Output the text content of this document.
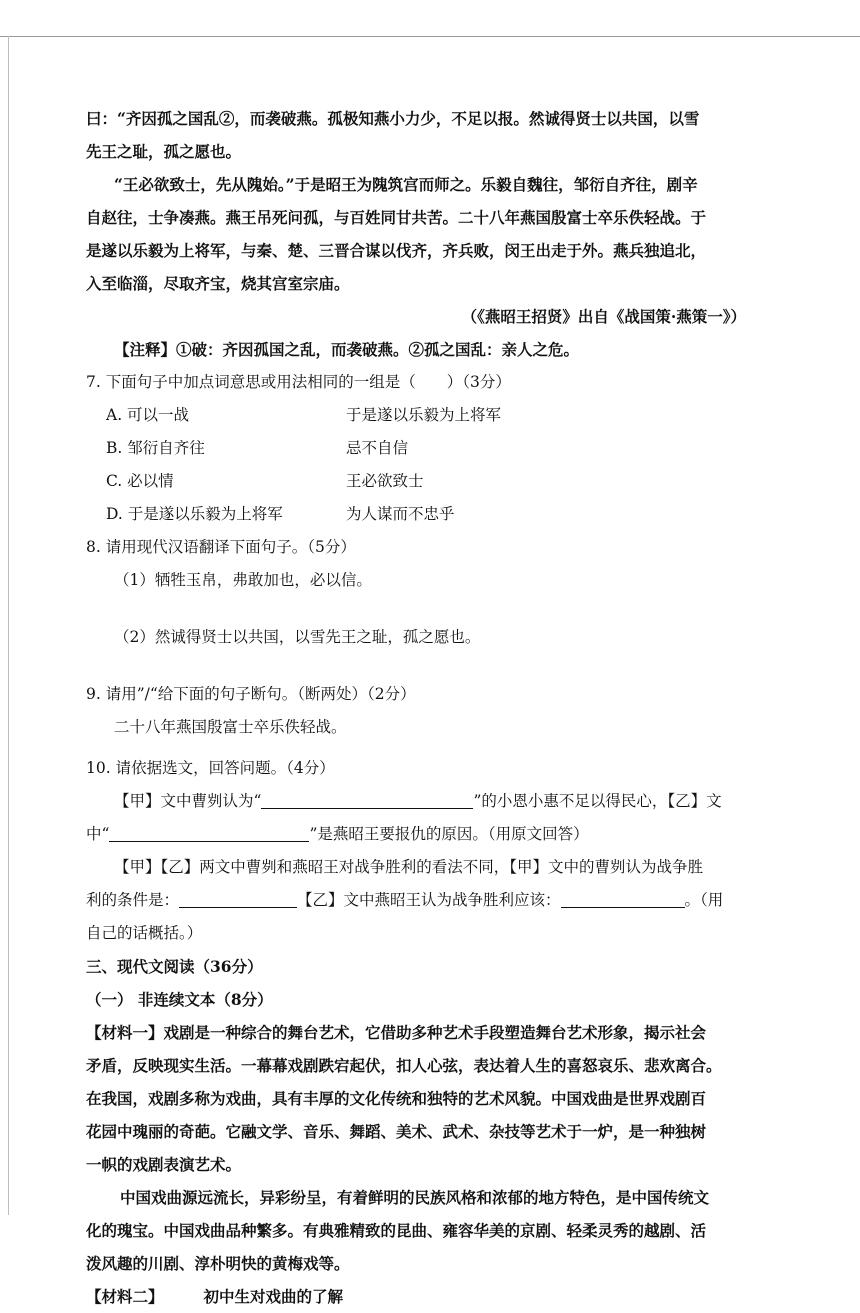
曰：“齐因孤之国乱②，而袭破燕。孤极知燕小力少，不足以报。然诚得贤士以共国，以雪

先王之耻，孤之愿也。

“王必欲致士，先从隗始。”于是昭王为隗筑宫而师之。乐毅自魏往，邹衍自齐往，剧辛

自赵往，士争凑燕。燕王吊死问孤，与百姓同甘共苦。二十八年燕国殷富士卒乐佚轻战。于

是遂以乐毅为上将军，与秦、楚、三晋合谋以伐齐，齐兵败，闵王出走于外。燕兵独追北，

入至临淄，尽取齐宝，烧其宫室宗庙。

（《燕昭王招贤》出自《战国策·燕策一》）

【注释】①破：齐因孤国之乱，而袭破燕。②孤之国乱：亲人之危。

7. 下面句子中加点词意思或用法相同的一组是（　　）（3分）

A. 可以一战	于是遂以乐毅为上将军
B. 邹衍自齐往	忌不自信
C. 必以情	王必欲致士
D. 于是遂以乐毅为上将军	为人谋而不忠乎

8. 请用现代汉语翻译下面句子。（5分）

（1）牺牲玉帛，弗敢加也，必以信。

（2）然诚得贤士以共国，以雪先王之耻，孤之愿也。

9. 请用”/“给下面的句子断句。（断两处）（2分）

二十八年燕国殷富士卒乐佚轻战。

10. 请依据选文，回答问题。（4分）

【甲】文中曹刿认为“	”的小恩小惠不足以得民心，【乙】文

中“	”是燕昭王要报仇的原因。（用原文回答）

【甲】【乙】两文中曹刿和燕昭王对战争胜利的看法不同，【甲】文中的曹刿认为战争胜

利的条件是：	【乙】文中燕昭王认为战争胜利应该：	。（用

自己的话概括。）

三、现代文阅读（36分）

（一） 非连续文本（8分）

【材料一】戏剧是一种综合的舞台艺术，它借助多种艺术手段塑造舞台艺术形象，揭示社会

矛盾，反映现实生活。一幕幕戏剧跌宕起伏，扣人心弦，表达着人生的喜怒哀乐、悲欢离合。

在我国，戏剧多称为戏曲，具有丰厚的文化传统和独特的艺术风貌。中国戏曲是世界戏剧百

花园中瑰丽的奇葩。它融文学、音乐、舞蹈、美术、武术、杂技等艺术于一炉，是一种独树

一帜的戏剧表演艺术。

中国戏曲源远流长，异彩纷呈，有着鲜明的民族风格和浓郁的地方特色，是中国传统文

化的瑰宝。中国戏曲品种繁多。有典雅精致的昆曲、雍容华美的京剧、轻柔灵秀的越剧、活

泼风趣的川剧、淳朴明快的黄梅戏等。

【材料二】	初中生对戏曲的了解
